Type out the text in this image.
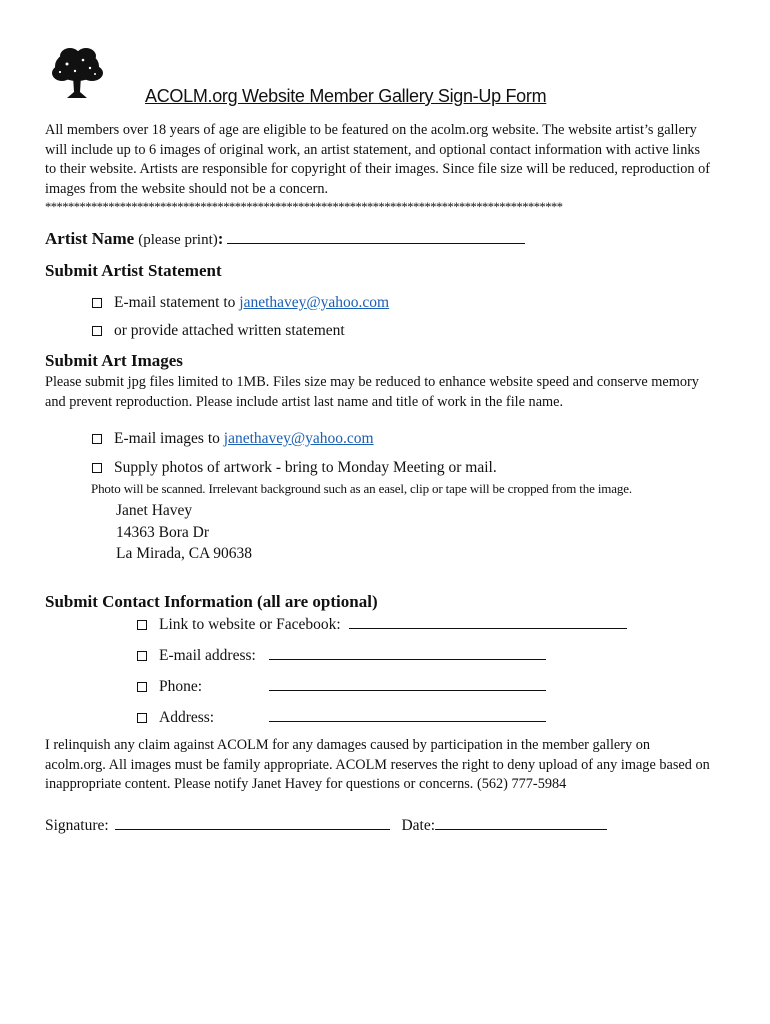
ACOLM.org Website Member Gallery Sign-Up Form
All members over 18 years of age are eligible to be featured on the acolm.org website. The website artist’s gallery will include up to 6 images of original work, an artist statement, and optional contact information with active links to their website. Artists are responsible for copyright of their images. Since file size will be reduced, reproduction of images from the website should not be a concern.
******************************************************************************************
Artist Name (please print):
Submit Artist Statement
E-mail statement to janethavey@yahoo.com
or provide attached written statement
Submit Art Images
Please submit jpg files limited to 1MB. Files size may be reduced to enhance website speed and conserve memory and prevent reproduction. Please include artist last name and title of work in the file name.
E-mail images to janethavey@yahoo.com
Supply photos of artwork - bring to Monday Meeting or mail.
Photo will be scanned. Irrelevant background such as an easel, clip or tape will be cropped from the image.
Janet Havey
14363 Bora Dr
La Mirada, CA 90638
Submit Contact Information (all are optional)
Link to website or Facebook:
E-mail address:
Phone:
Address:
I relinquish any claim against ACOLM for any damages caused by participation in the member gallery on acolm.org. All images must be family appropriate. ACOLM reserves the right to deny upload of any image based on inappropriate content. Please notify Janet Havey for questions or concerns. (562) 777-5984
Signature:	Date:
